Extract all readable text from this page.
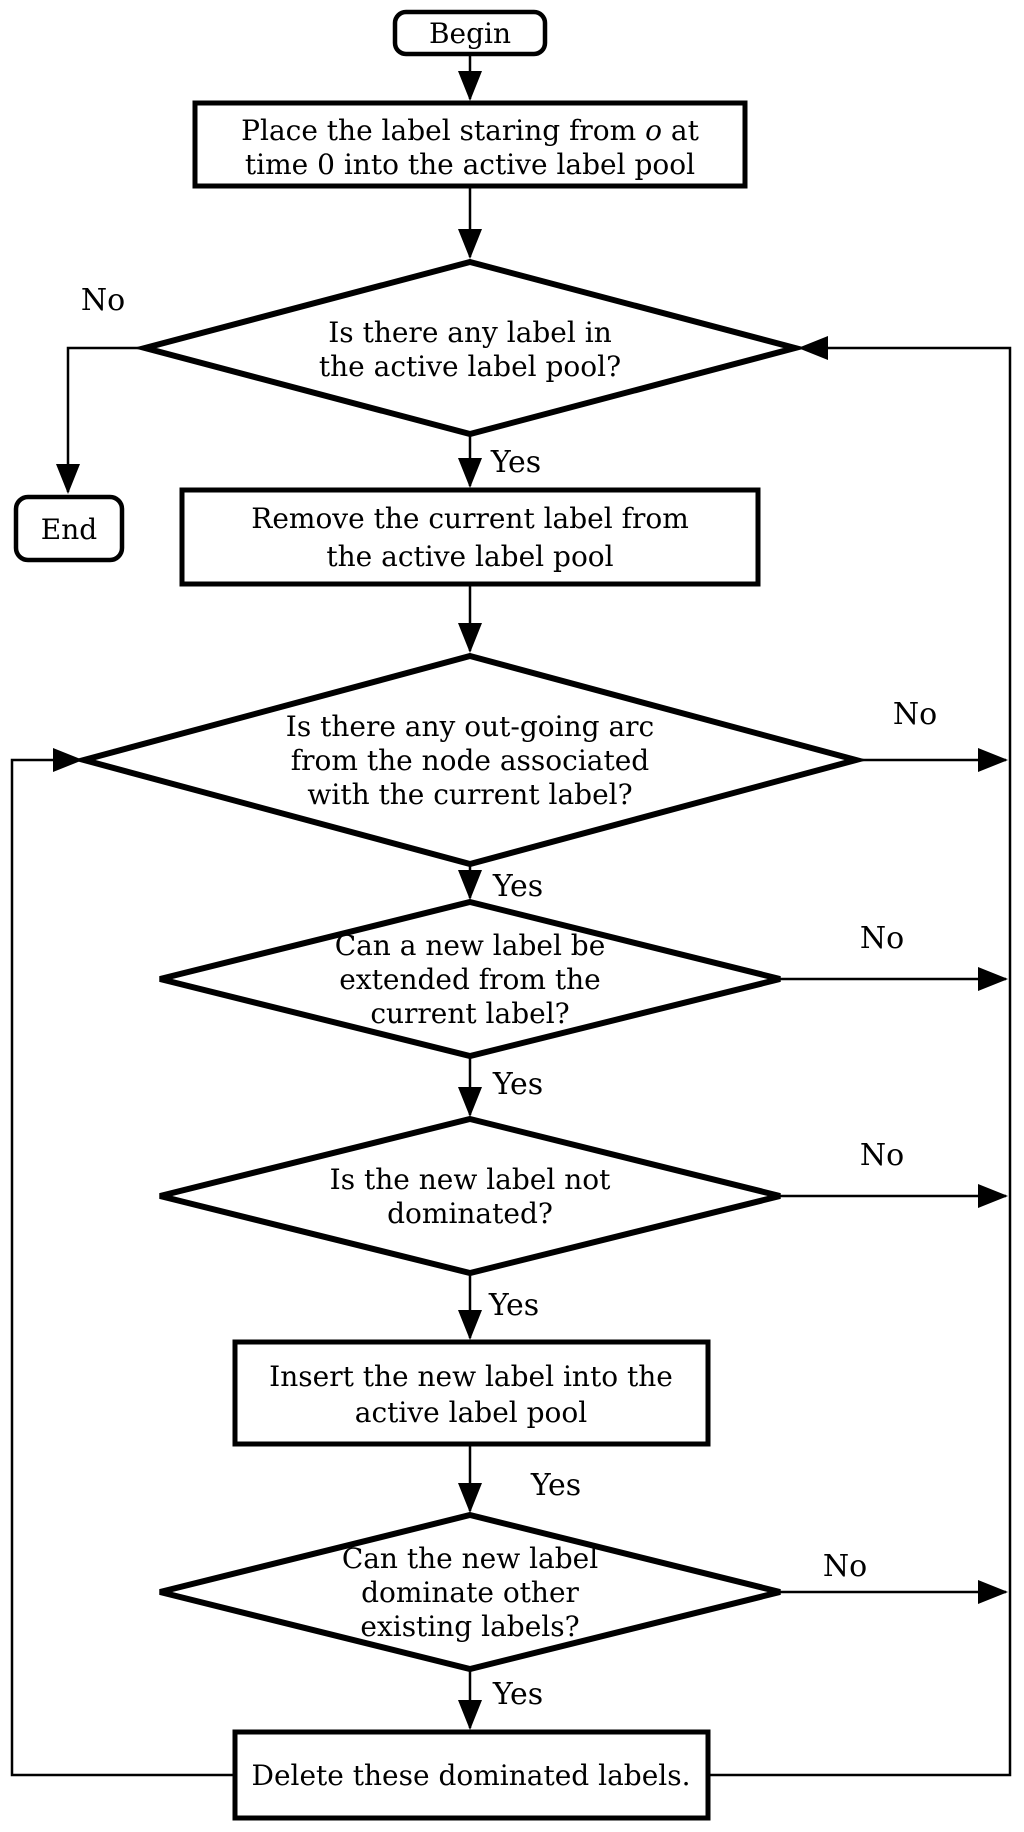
No
Yes
No
Yes
No
Yes
No
Yes
Yes
No
Yes
Begin
Place the label staring from o at
time 0 into the active label pool
Is there any label in
the active label pool?
End	Remove the current label from
the active label pool
Is there any out-going arc
from the node associated
with the current label?
Can a new label be
extended from the
current label?
Is the new label not
dominated?
Insert the new label into the
active label pool
Can the new label
dominate other
existing labels?
Delete these dominated labels.
